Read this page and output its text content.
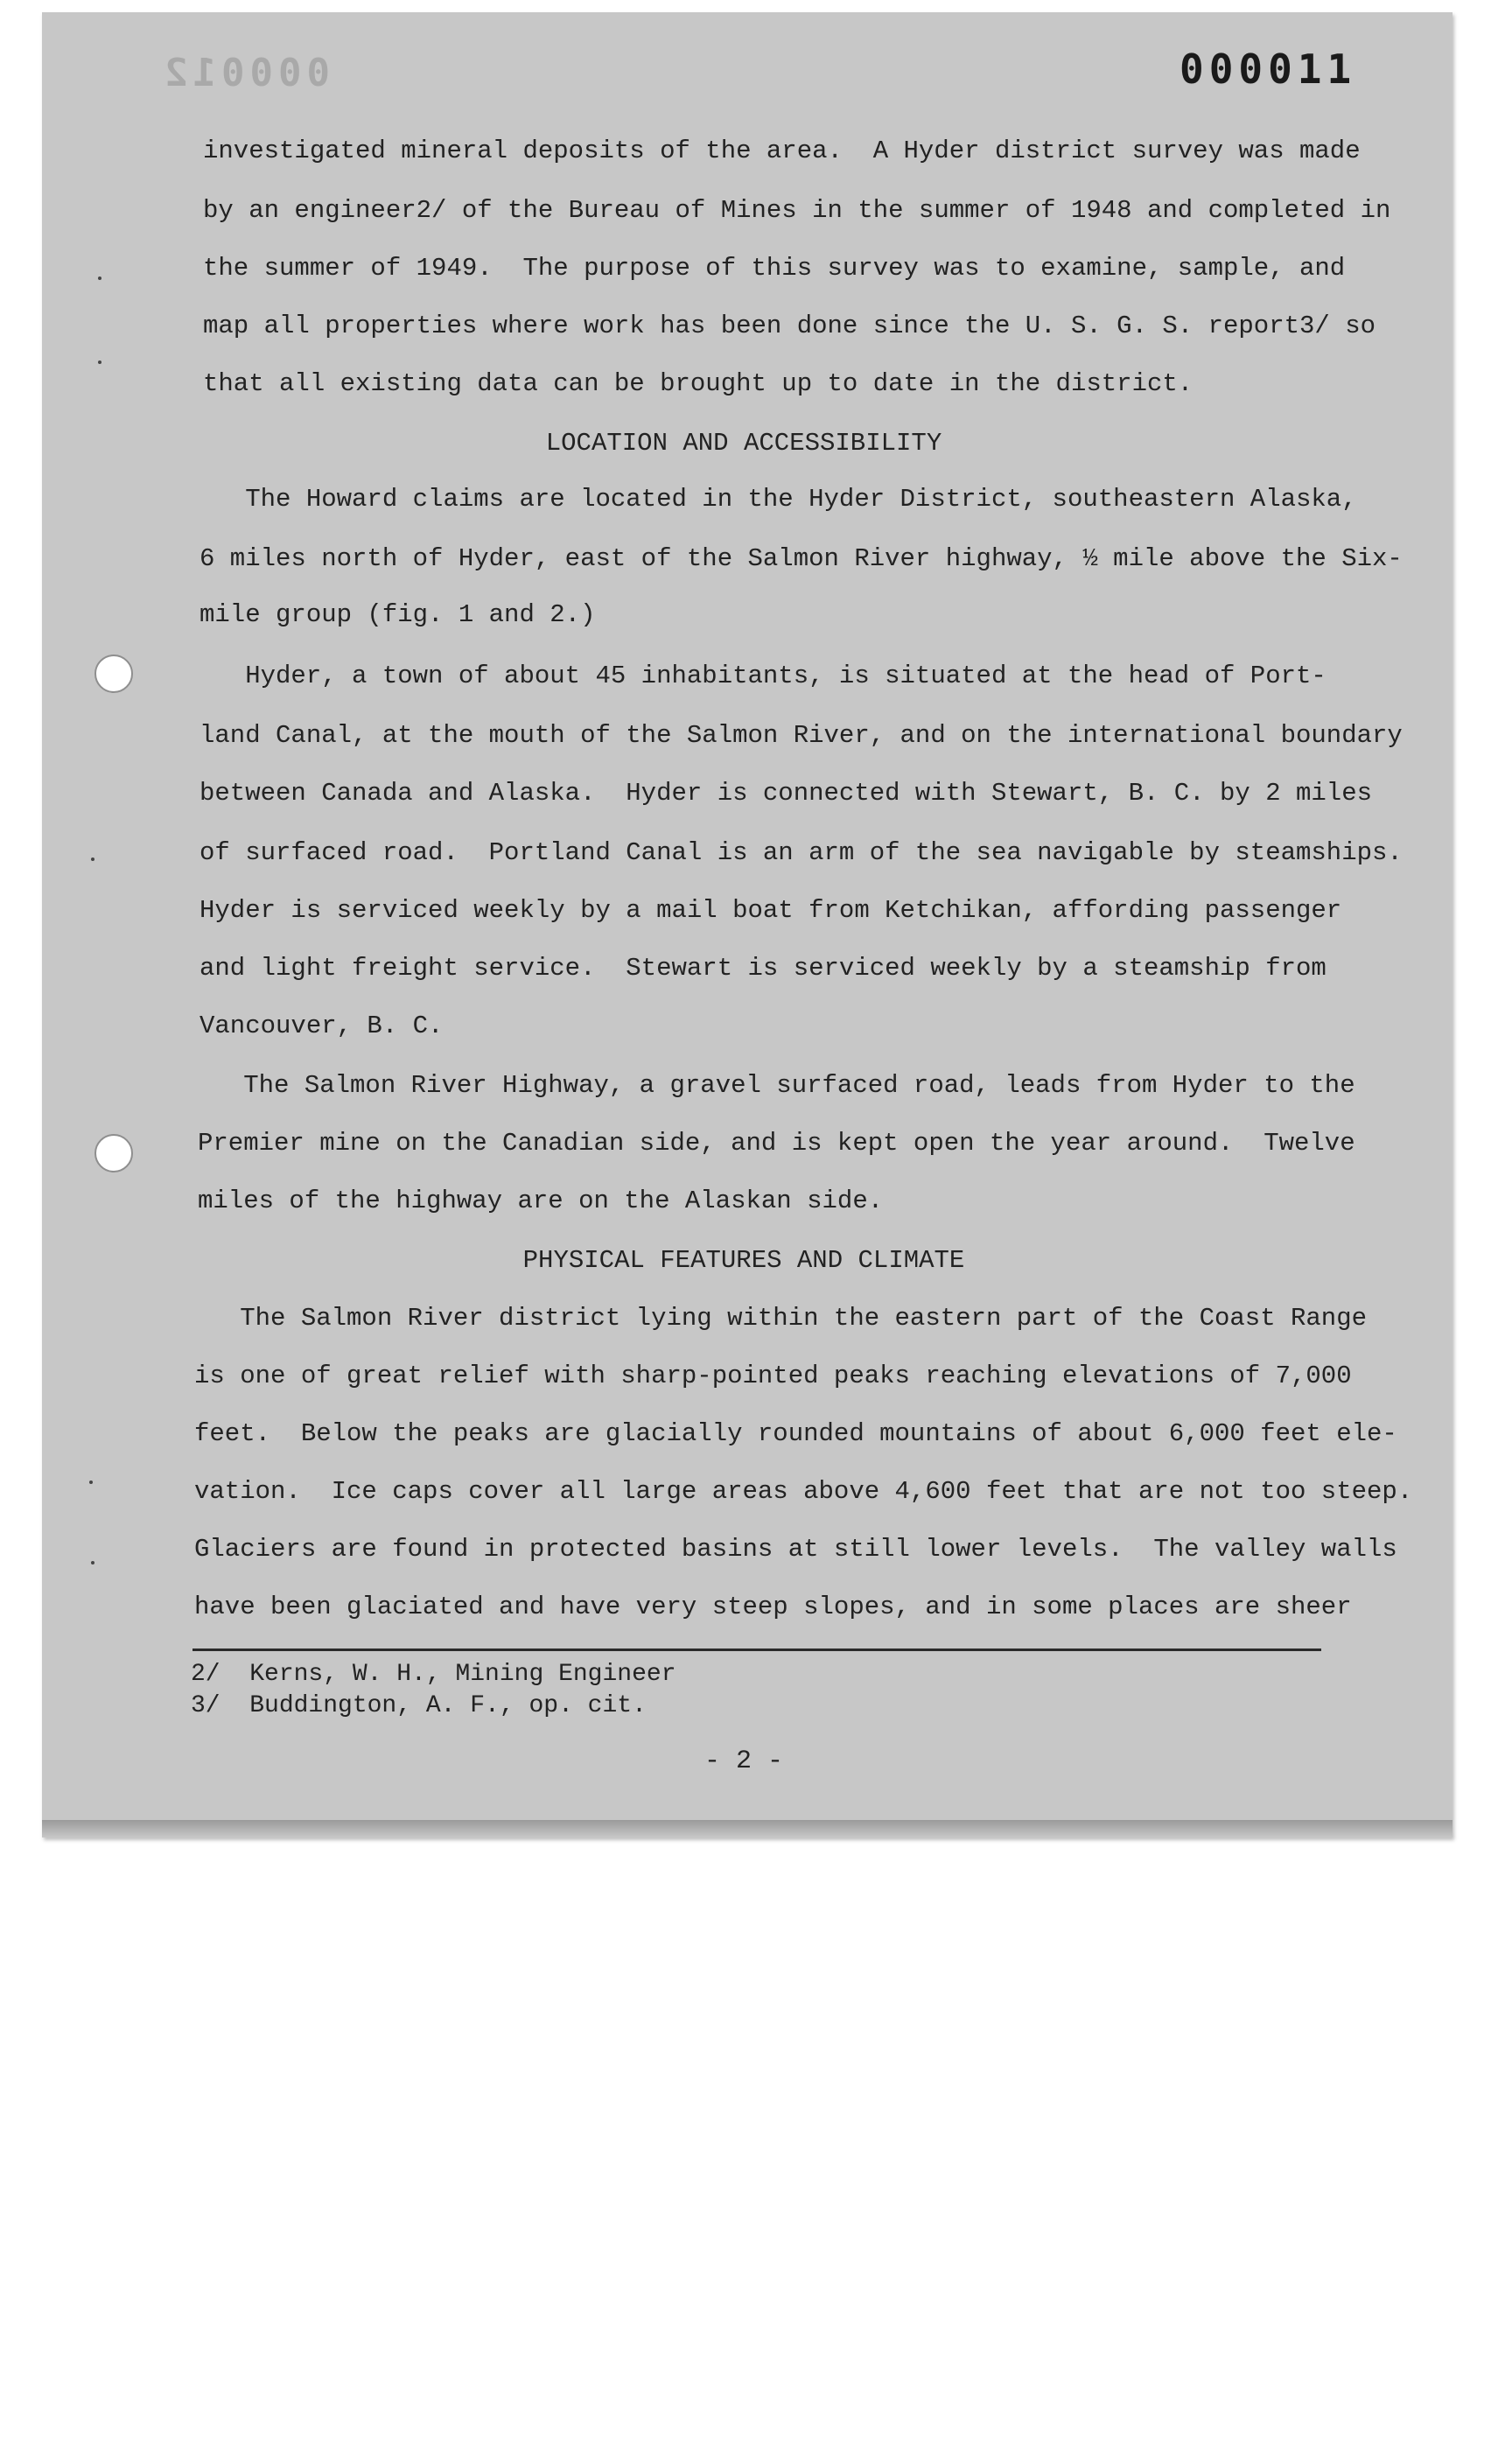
000012	000011
investigated mineral deposits of the area.  A Hyder district survey was made
by an engineer2/ of the Bureau of Mines in the summer of 1948 and completed in
the summer of 1949.  The purpose of this survey was to examine, sample, and
map all properties where work has been done since the U. S. G. S. report3/ so
that all existing data can be brought up to date in the district.
LOCATION AND ACCESSIBILITY
The Howard claims are located in the Hyder District, southeastern Alaska,
6 miles north of Hyder, east of the Salmon River highway, ½ mile above the Six-
mile group (fig. 1 and 2.)
Hyder, a town of about 45 inhabitants, is situated at the head of Port-
land Canal, at the mouth of the Salmon River, and on the international boundary
between Canada and Alaska.  Hyder is connected with Stewart, B. C. by 2 miles
of surfaced road.  Portland Canal is an arm of the sea navigable by steamships.
Hyder is serviced weekly by a mail boat from Ketchikan, affording passenger
and light freight service.  Stewart is serviced weekly by a steamship from
Vancouver, B. C.
The Salmon River Highway, a gravel surfaced road, leads from Hyder to the
Premier mine on the Canadian side, and is kept open the year around.  Twelve
miles of the highway are on the Alaskan side.
PHYSICAL FEATURES AND CLIMATE
The Salmon River district lying within the eastern part of the Coast Range
is one of great relief with sharp-pointed peaks reaching elevations of 7,000
feet.  Below the peaks are glacially rounded mountains of about 6,000 feet ele-
vation.  Ice caps cover all large areas above 4,600 feet that are not too steep.
Glaciers are found in protected basins at still lower levels.  The valley walls
have been glaciated and have very steep slopes, and in some places are sheer
2/  Kerns, W. H., Mining Engineer
3/  Buddington, A. F., op. cit.
- 2 -
